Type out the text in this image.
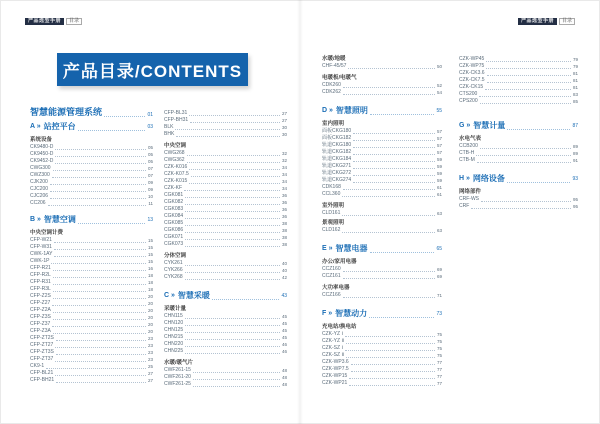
产品选型手册	目录	产品选型手册	目录
产品目录/CONTENTS
智慧能源管理系统	01
A » 站控平台	03
系统设备
CK9480-D	05
CK9450-D	05
CK9452-D	05
CWG300	07
CWZ300	07
CJK200	09
CJC200	09
CJC206	10
CC206	11
B » 智慧空调	13
中央空调计费
CFP-W21	15
CFP-W31	15
CWK-1AY	15
CWK-1P	15
CFP-R21	16
CFP-R2L	18
CFP-R31	18
CFP-R3L	18
CFP-Z2S	20
CFP-Z27	20
CFP-Z2A	20
CFP-Z3S	20
CFP-Z37	20
CFP-Z3A	20
CFP-ZT2S	23
CFP-ZT27	23
CFP-ZT3S	23
CFP-ZT37	23
CK9-1	25
CFP-BL21	27
CFP-BH21	27
CFP-BL31	27
CFP-BH31	27
BLK	30
BHK	30
中央空调
CWG268	32
CWG362	32
CZK-K016	34
CZK-K07.5	34
CZK-K015	34
CZK-KF	34
CGK081	36
CGK082	36
CGK083	36
CGK084	36
CGK085	38
CGK086	38
CGK071	38
CGK073	38
分体空调
CYK261	40
CYK266	40
CYK268	42
C » 智慧采暖	43
采暖计量
CHN115	45
CHN120	45
CHN125	45
CHN215	45
CHN220	46
CHN225	46
水暖/暖气片
CWF261-15	48
CWF261-20	48
CWF261-25	48
水暖/地暖
CHF-45/57	50
电暖板/电暖气
CDK260	52
CDK262	54
D » 智慧照明	55
室内照明
面板CKG180	57
面板CKG182	57
轨道CKG180	57
轨道CKG182	57
轨道CKG184	59
轨道CKG271	59
轨道CKG272	59
轨道CKG274	59
CDK168	61
CCL360	61
室外照明
CLD161	63
景观照明
CLD162	63
E » 智慧电器	65
办公/家用电器
CCZ160	69
CCZ161	69
大功率电器
CCZ166	71
F » 智慧动力	73
充电站/换电站
CZK-YZ Ⅰ	75
CZK-YZ Ⅱ	75
CZK-SZ Ⅰ	75
CZK-SZ Ⅱ	75
CZK-WP3.6	77
CZK-WP7.5	77
CZK-WP15	77
CZK-WP21	77
CZK-WP45	79
CZK-WP75	79
CZK-CK3.6	81
CZK-CK7.5	81
CZK-CK15	81
CTS200	83
CPS200	85
G » 智慧计量	87
水电气表
CCB200	89
CTB-H	89
CTB-M	91
H » 网络设备	93
网络部件
CRF-WS	95
CRF	95
